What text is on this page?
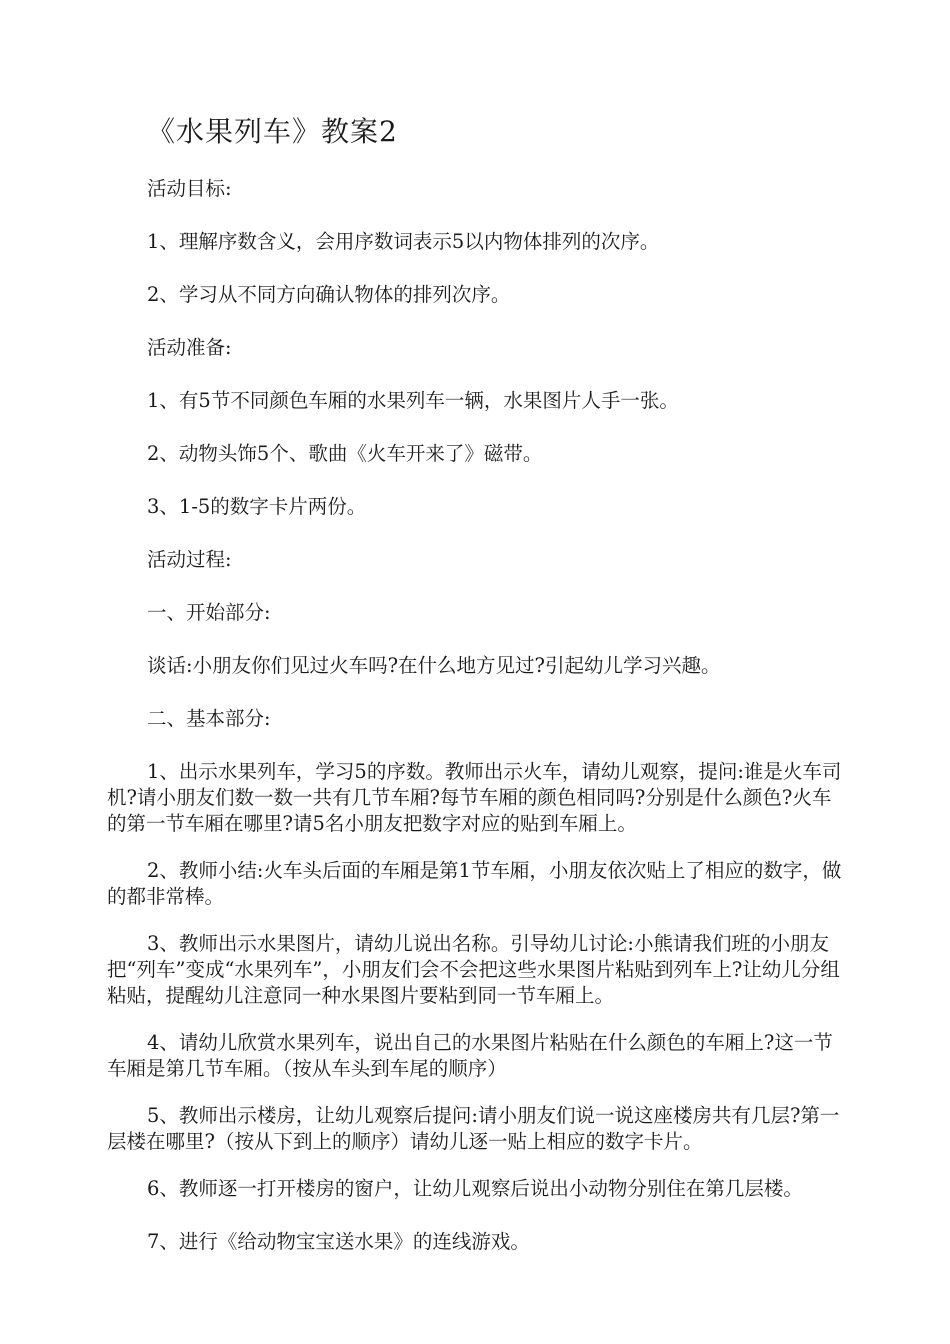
《水果列车》教案2

活动目标:

1、理解序数含义，会用序数词表示5以内物体排列的次序。

2、学习从不同方向确认物体的排列次序。

活动准备:

1、有5节不同颜色车厢的水果列车一辆，水果图片人手一张。

2、动物头饰5个、歌曲《火车开来了》磁带。

3、1-5的数字卡片两份。

活动过程:

一、开始部分:

谈话:小朋友你们见过火车吗?在什么地方见过?引起幼儿学习兴趣。

二、基本部分:

1、出示水果列车，学习5的序数。教师出示火车，请幼儿观察，提问:谁是火车司机?请小朋友们数一数一共有几节车厢?每节车厢的颜色相同吗?分别是什么颜色?火车的第一节车厢在哪里?请5名小朋友把数字对应的贴到车厢上。

2、教师小结:火车头后面的车厢是第1节车厢，小朋友依次贴上了相应的数字，做的都非常棒。

3、教师出示水果图片，请幼儿说出名称。引导幼儿讨论:小熊请我们班的小朋友把“列车”变成“水果列车”，小朋友们会不会把这些水果图片粘贴到列车上?让幼儿分组粘贴，提醒幼儿注意同一种水果图片要粘到同一节车厢上。

4、请幼儿欣赏水果列车，说出自己的水果图片粘贴在什么颜色的车厢上?这一节车厢是第几节车厢。（按从车头到车尾的顺序）

5、教师出示楼房，让幼儿观察后提问:请小朋友们说一说这座楼房共有几层?第一层楼在哪里?（按从下到上的顺序）请幼儿逐一贴上相应的数字卡片。

6、教师逐一打开楼房的窗户，让幼儿观察后说出小动物分别住在第几层楼。

7、进行《给动物宝宝送水果》的连线游戏。
